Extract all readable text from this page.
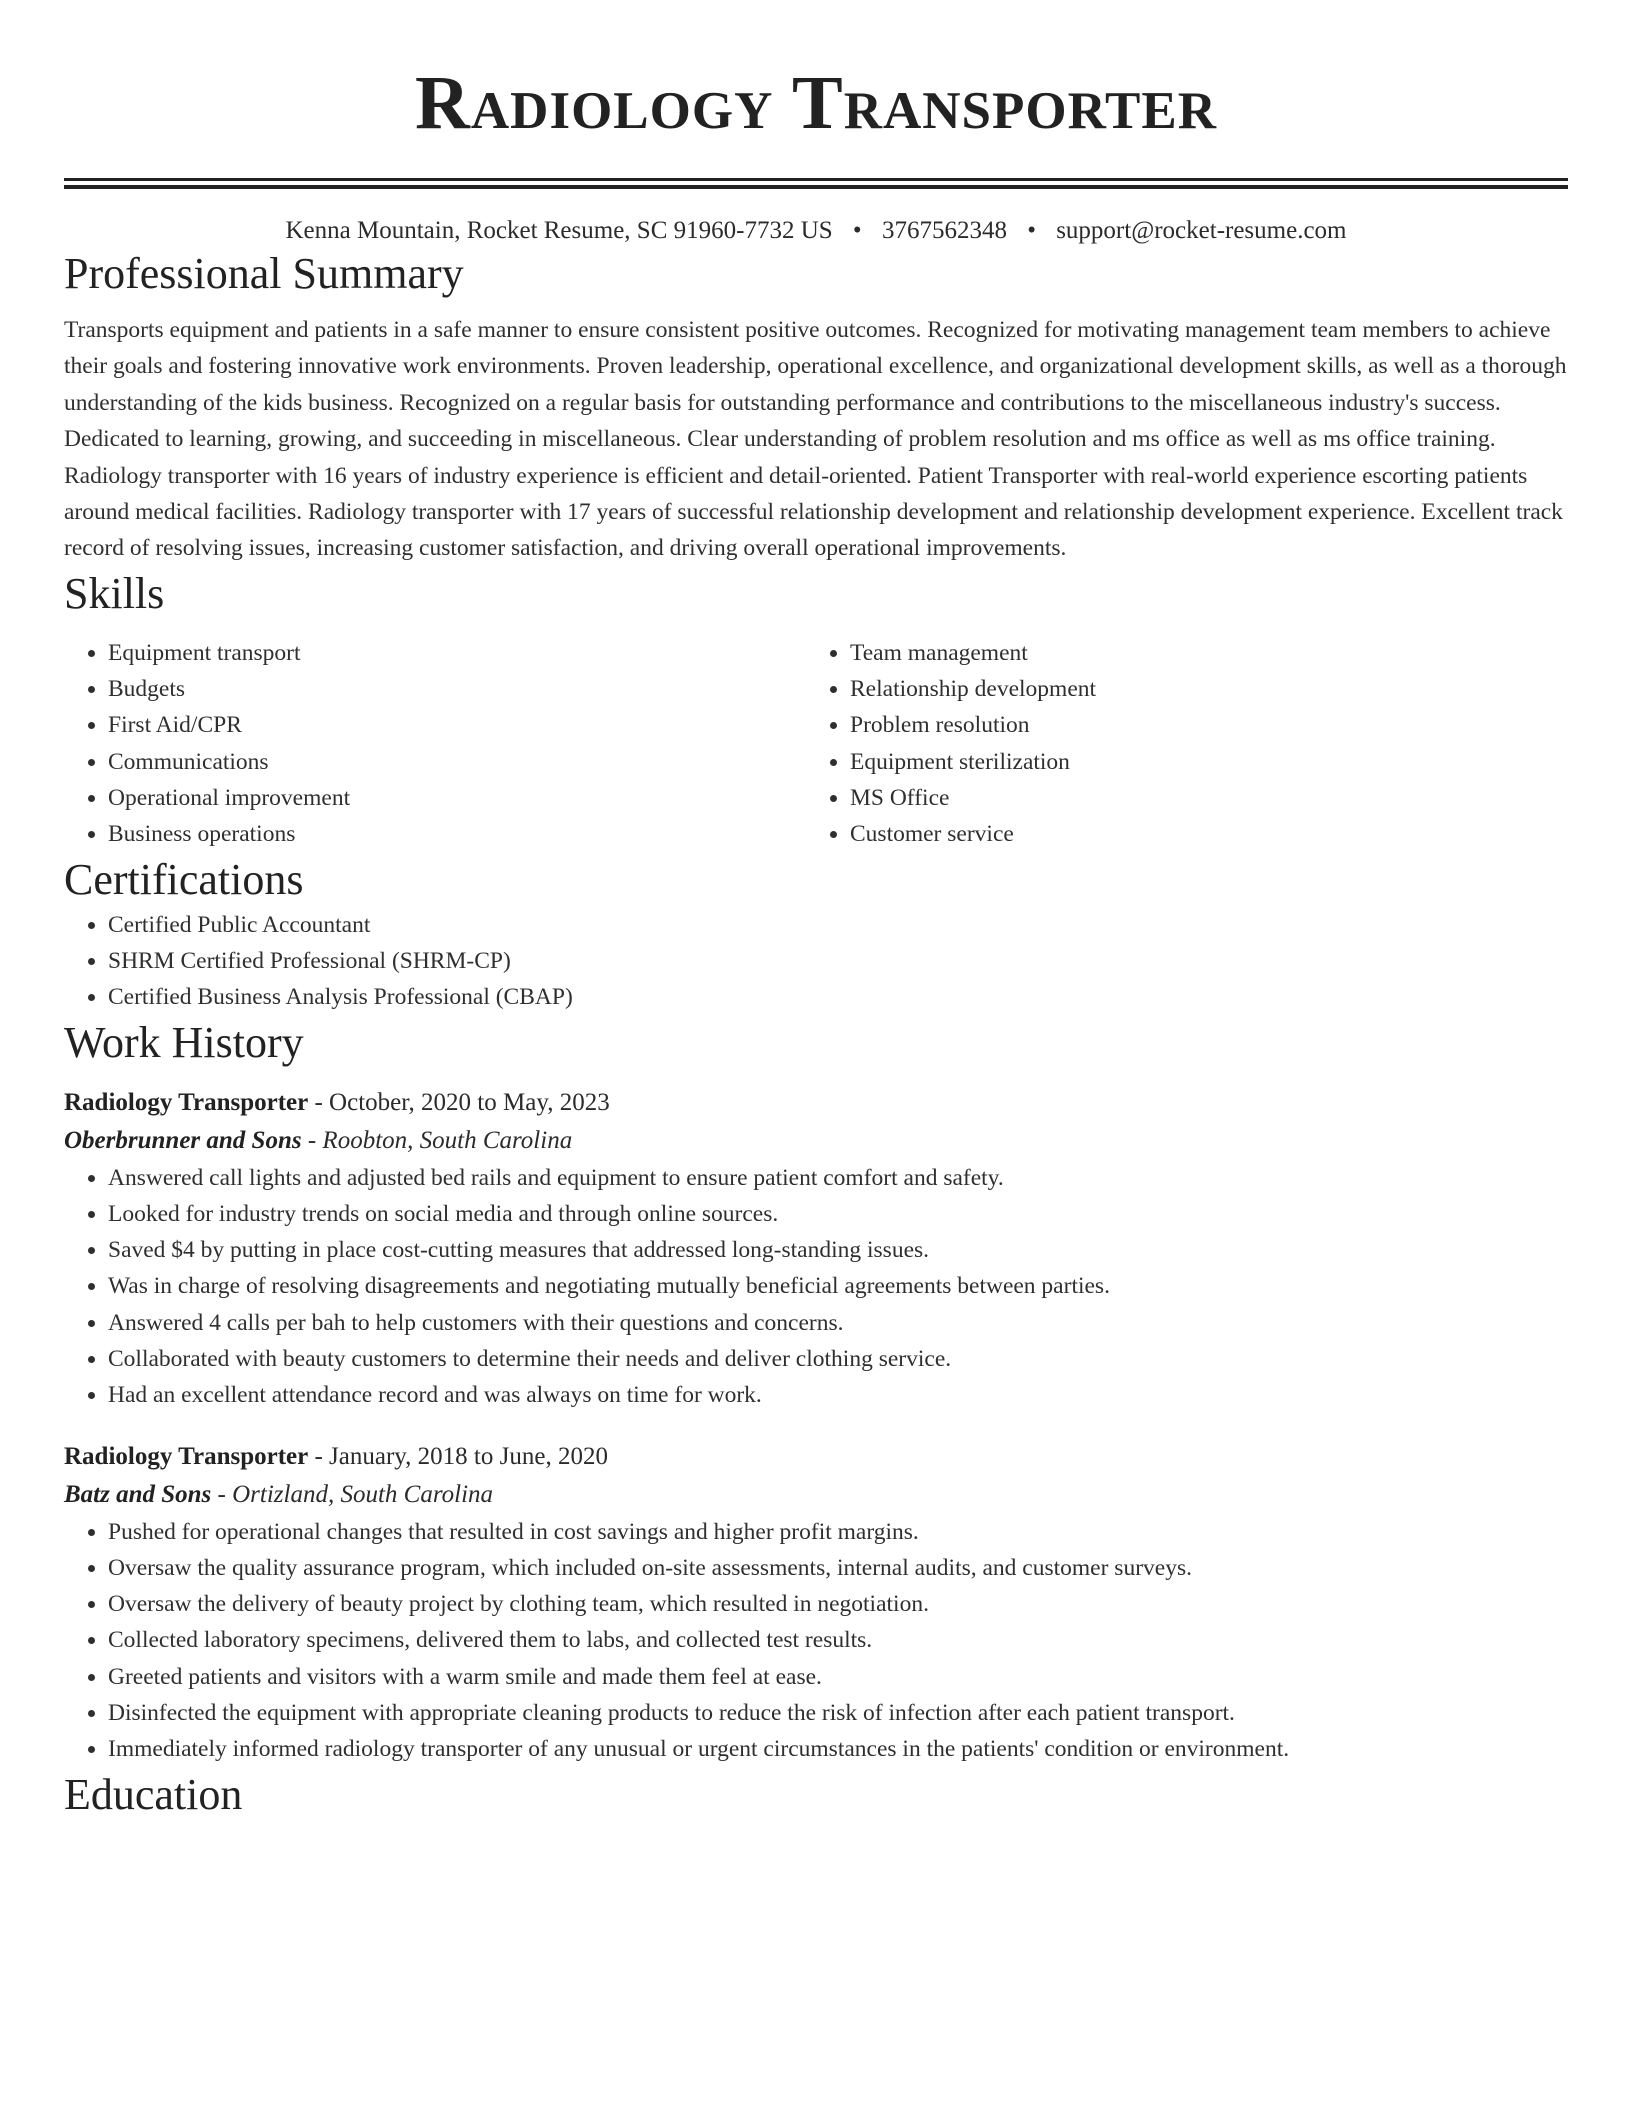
Radiology Transporter
Kenna Mountain, Rocket Resume, SC 91960-7732 US • 3767562348 • support@rocket-resume.com
Professional Summary

Transports equipment and patients in a safe manner to ensure consistent positive outcomes. Recognized for motivating management team members to achieve their goals and fostering innovative work environments. Proven leadership, operational excellence, and organizational development skills, as well as a thorough understanding of the kids business. Recognized on a regular basis for outstanding performance and contributions to the miscellaneous industry's success. Dedicated to learning, growing, and succeeding in miscellaneous. Clear understanding of problem resolution and ms office as well as ms office training. Radiology transporter with 16 years of industry experience is efficient and detail-oriented. Patient Transporter with real-world experience escorting patients around medical facilities. Radiology transporter with 17 years of successful relationship development and relationship development experience. Excellent track record of resolving issues, increasing customer satisfaction, and driving overall operational improvements.

Skills
• Equipment transport
• Budgets
• First Aid/CPR
• Communications
• Operational improvement
• Business operations
• Team management
• Relationship development
• Problem resolution
• Equipment sterilization
• MS Office
• Customer service
Certifications
• Certified Public Accountant
• SHRM Certified Professional (SHRM-CP)
• Certified Business Analysis Professional (CBAP)
Work History
Radiology Transporter - October, 2020 to May, 2023
Oberbrunner and Sons - Roobton, South Carolina
• Answered call lights and adjusted bed rails and equipment to ensure patient comfort and safety.
• Looked for industry trends on social media and through online sources.
• Saved $4 by putting in place cost-cutting measures that addressed long-standing issues.
• Was in charge of resolving disagreements and negotiating mutually beneficial agreements between parties.
• Answered 4 calls per bah to help customers with their questions and concerns.
• Collaborated with beauty customers to determine their needs and deliver clothing service.
• Had an excellent attendance record and was always on time for work.
Radiology Transporter - January, 2018 to June, 2020
Batz and Sons - Ortizland, South Carolina
• Pushed for operational changes that resulted in cost savings and higher profit margins.
• Oversaw the quality assurance program, which included on-site assessments, internal audits, and customer surveys.
• Oversaw the delivery of beauty project by clothing team, which resulted in negotiation.
• Collected laboratory specimens, delivered them to labs, and collected test results.
• Greeted patients and visitors with a warm smile and made them feel at ease.
• Disinfected the equipment with appropriate cleaning products to reduce the risk of infection after each patient transport.
• Immediately informed radiology transporter of any unusual or urgent circumstances in the patients' condition or environment.
Education
